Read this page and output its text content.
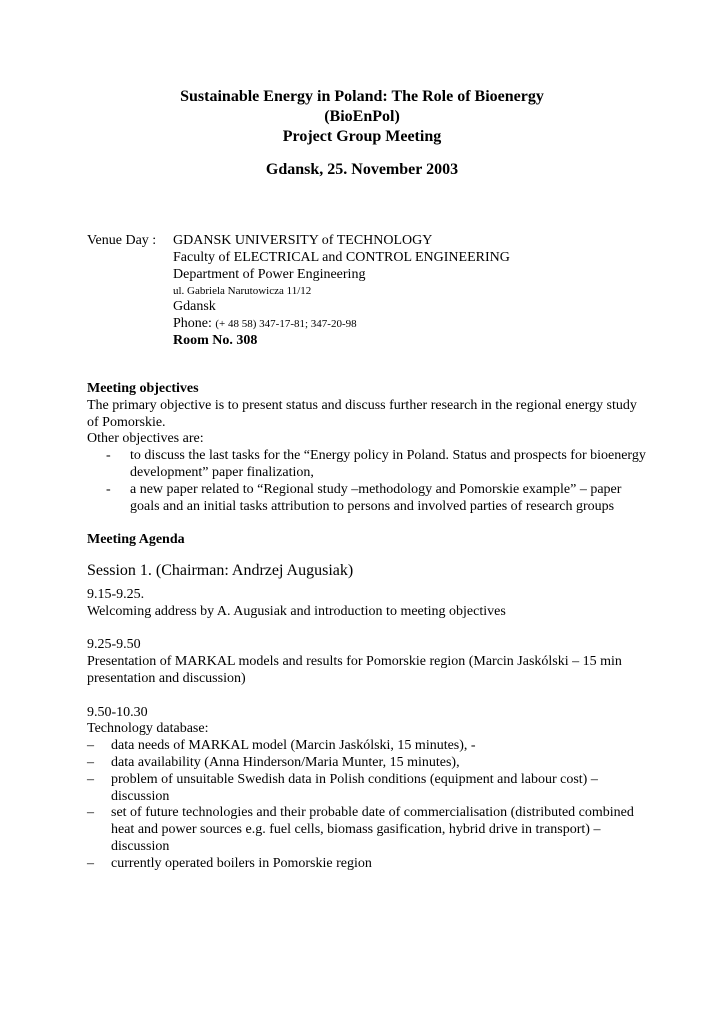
Sustainable Energy in Poland: The Role of Bioenergy
(BioEnPol)
Project Group Meeting
Gdansk, 25. November 2003
Venue Day :	GDANSK UNIVERSITY of TECHNOLOGY
Faculty of ELECTRICAL and CONTROL ENGINEERING
Department of Power Engineering
ul. Gabriela Narutowicza 11/12
Gdansk
Phone: (+ 48 58) 347-17-81; 347-20-98
Room No. 308

Meeting objectives

The primary objective is to present status and discuss further research in the regional energy study of Pomorskie.

Other objectives are:

- to discuss the last tasks for the “Energy policy in Poland. Status and prospects for bioenergy development” paper finalization,
- a new paper related to “Regional study –methodology and Pomorskie example” – paper goals and an initial tasks attribution to persons and involved parties of research groups

Meeting Agenda

Session 1. (Chairman: Andrzej Augusiak)

9.15-9.25.

Welcoming address by A. Augusiak and introduction to meeting objectives

9.25-9.50

Presentation of MARKAL models and results for Pomorskie region (Marcin Jaskólski – 15 min presentation and discussion)

9.50-10.30

Technology database:

– data needs of MARKAL model (Marcin Jaskólski, 15 minutes), -
– data availability (Anna Hinderson/Maria Munter, 15 minutes),
– problem of unsuitable Swedish data in Polish conditions (equipment and labour cost) – discussion
– set of future technologies and their probable date of commercialisation (distributed combined heat and power sources e.g. fuel cells, biomass gasification, hybrid drive in transport) – discussion
– currently operated boilers in Pomorskie region
